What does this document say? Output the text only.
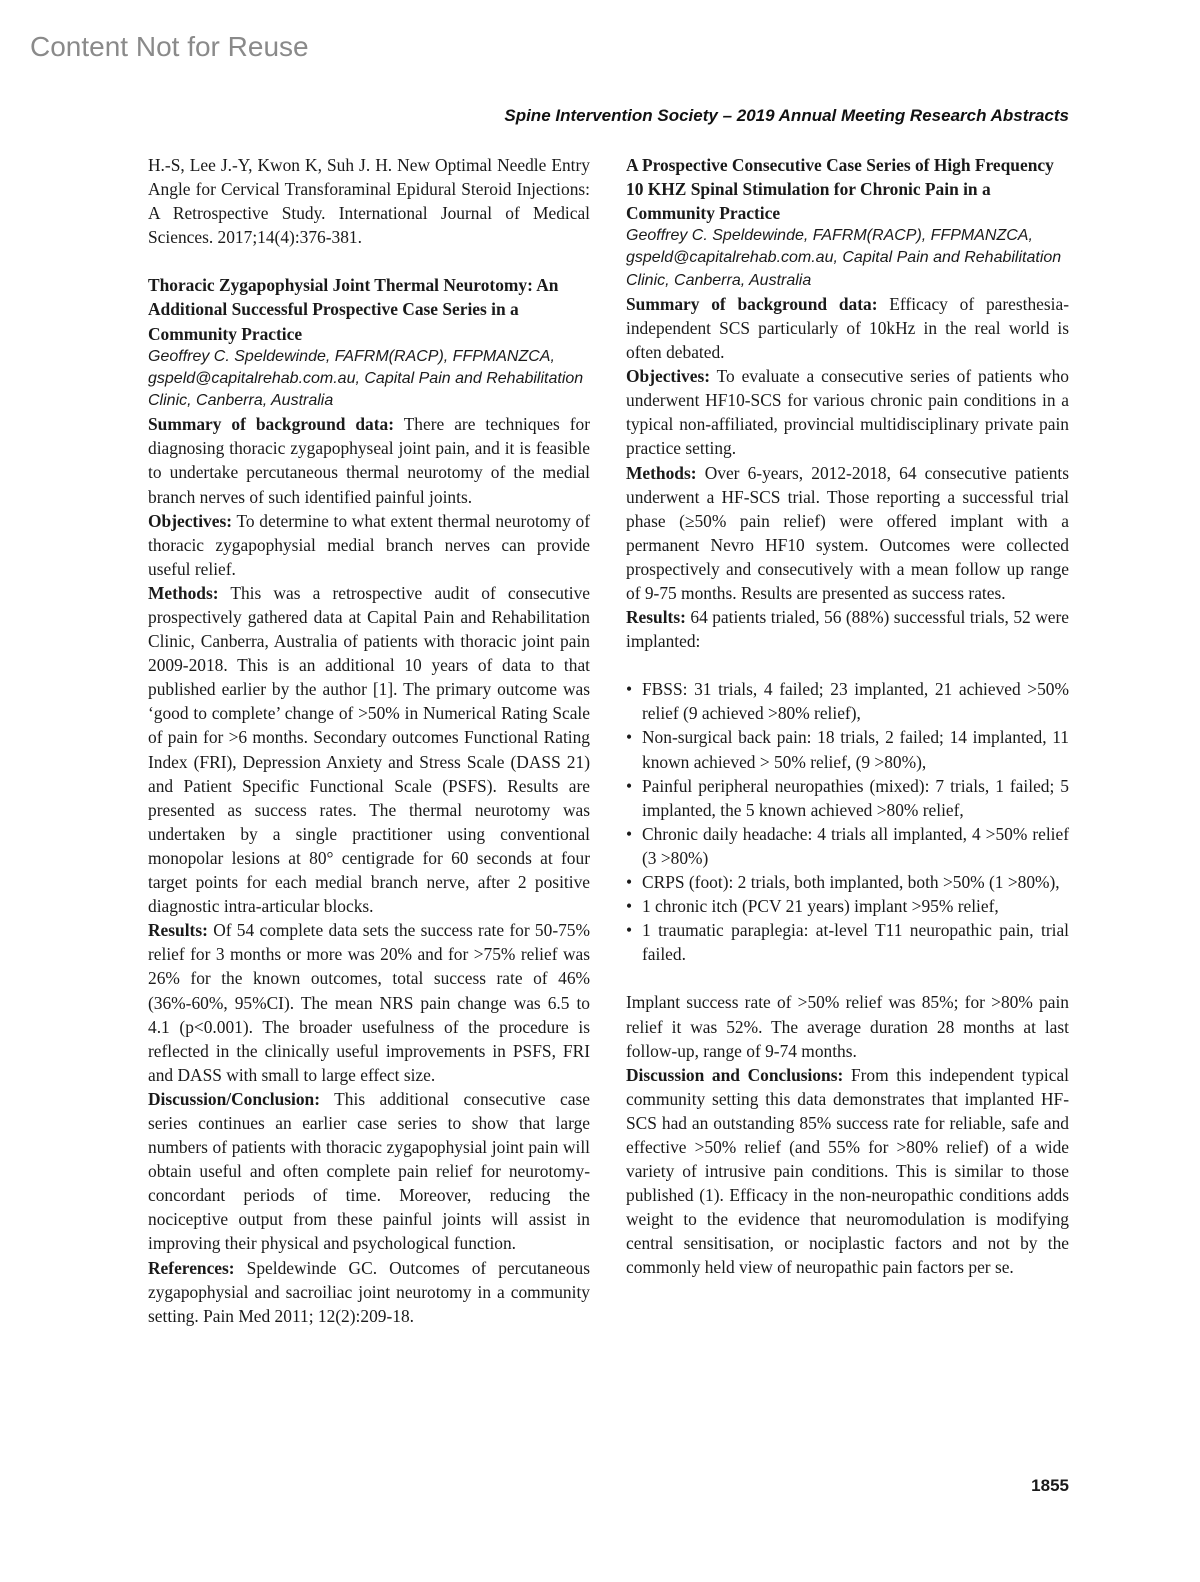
Content Not for Reuse
Spine Intervention Society – 2019 Annual Meeting Research Abstracts

H.-S, Lee J.-Y, Kwon K, Suh J. H. New Optimal Needle Entry Angle for Cervical Transforaminal Epidural Steroid Injections: A Retrospective Study. International Journal of Medical Sciences. 2017;14(4):376-381.

Thoracic Zygapophysial Joint Thermal Neurotomy: An Additional Successful Prospective Case Series in a Community Practice

Geoffrey C. Speldewinde, FAFRM(RACP), FFPMANZCA, gspeld@capitalrehab.com.au, Capital Pain and Rehabilitation Clinic, Canberra, Australia

Summary of background data: There are techniques for diagnosing thoracic zygapophyseal joint pain, and it is feasible to undertake percutaneous thermal neurotomy of the medial branch nerves of such identified painful joints.

Objectives: To determine to what extent thermal neurotomy of thoracic zygapophysial medial branch nerves can provide useful relief.

Methods: This was a retrospective audit of consecutive prospectively gathered data at Capital Pain and Rehabilitation Clinic, Canberra, Australia of patients with thoracic joint pain 2009-2018. This is an additional 10 years of data to that published earlier by the author [1]. The primary outcome was ‘good to complete’ change of >50% in Numerical Rating Scale of pain for >6 months. Secondary outcomes Functional Rating Index (FRI), Depression Anxiety and Stress Scale (DASS 21) and Patient Specific Functional Scale (PSFS). Results are presented as success rates. The thermal neurotomy was undertaken by a single practitioner using conventional monopolar lesions at 80° centigrade for 60 seconds at four target points for each medial branch nerve, after 2 positive diagnostic intra-articular blocks.

Results: Of 54 complete data sets the success rate for 50-75% relief for 3 months or more was 20% and for >75% relief was 26% for the known outcomes, total success rate of 46% (36%-60%, 95%CI). The mean NRS pain change was 6.5 to 4.1 (p<0.001). The broader usefulness of the procedure is reflected in the clinically useful improvements in PSFS, FRI and DASS with small to large effect size.

Discussion/Conclusion: This additional consecutive case series continues an earlier case series to show that large numbers of patients with thoracic zygapophysial joint pain will obtain useful and often complete pain relief for neurotomy-concordant periods of time. Moreover, reducing the nociceptive output from these painful joints will assist in improving their physical and psychological function.

References: Speldewinde GC. Outcomes of percutaneous zygapophysial and sacroiliac joint neurotomy in a community setting. Pain Med 2011; 12(2):209-18.

A Prospective Consecutive Case Series of High Frequency 10 KHZ Spinal Stimulation for Chronic Pain in a Community Practice

Geoffrey C. Speldewinde, FAFRM(RACP), FFPMANZCA, gspeld@capitalrehab.com.au, Capital Pain and Rehabilitation Clinic, Canberra, Australia

Summary of background data: Efficacy of paresthesia-independent SCS particularly of 10kHz in the real world is often debated.

Objectives: To evaluate a consecutive series of patients who underwent HF10-SCS for various chronic pain conditions in a typical non-affiliated, provincial multidisciplinary private pain practice setting.

Methods: Over 6-years, 2012-2018, 64 consecutive patients underwent a HF-SCS trial. Those reporting a successful trial phase (≥50% pain relief) were offered implant with a permanent Nevro HF10 system. Outcomes were collected prospectively and consecutively with a mean follow up range of 9-75 months. Results are presented as success rates.

Results: 64 patients trialed, 56 (88%) successful trials, 52 were implanted:

• FBSS: 31 trials, 4 failed; 23 implanted, 21 achieved >50% relief (9 achieved >80% relief),
• Non-surgical back pain: 18 trials, 2 failed; 14 implanted, 11 known achieved > 50% relief, (9 >80%),
• Painful peripheral neuropathies (mixed): 7 trials, 1 failed; 5 implanted, the 5 known achieved >80% relief,
• Chronic daily headache: 4 trials all implanted, 4 >50% relief (3 >80%)
• CRPS (foot): 2 trials, both implanted, both >50% (1 >80%),
• 1 chronic itch (PCV 21 years) implant >95% relief,
• 1 traumatic paraplegia: at-level T11 neuropathic pain, trial failed.

Implant success rate of >50% relief was 85%; for >80% pain relief it was 52%. The average duration 28 months at last follow-up, range of 9-74 months.

Discussion and Conclusions: From this independent typical community setting this data demonstrates that implanted HF-SCS had an outstanding 85% success rate for reliable, safe and effective >50% relief (and 55% for >80% relief) of a wide variety of intrusive pain conditions. This is similar to those published (1). Efficacy in the non-neuropathic conditions adds weight to the evidence that neuromodulation is modifying central sensitisation, or nociplastic factors and not by the commonly held view of neuropathic pain factors per se.

1855
